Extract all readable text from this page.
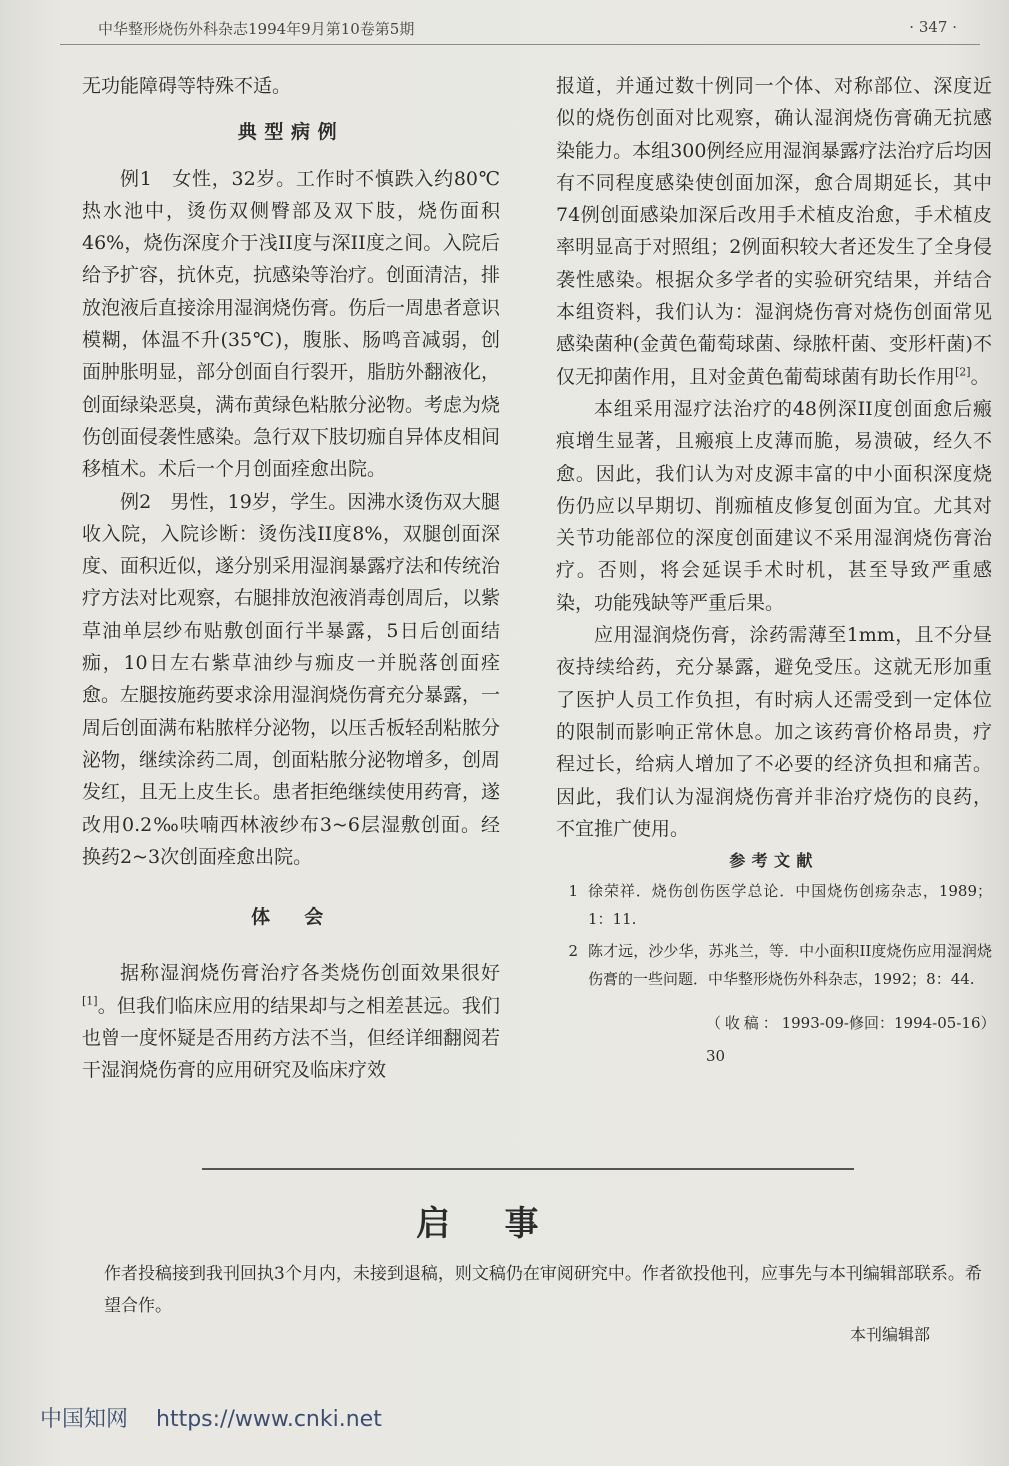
中华整形烧伤外科杂志1994年9月第10卷第5期	· 347 ·

无功能障碍等特殊不适。

典型病例

例1　女性，32岁。工作时不慎跌入约80℃热水池中，烫伤双侧臀部及双下肢，烧伤面积46%，烧伤深度介于浅II度与深II度之间。入院后给予扩容，抗休克，抗感染等治疗。创面清洁，排放泡液后直接涂用湿润烧伤膏。伤后一周患者意识模糊，体温不升(35℃)，腹胀、肠鸣音减弱，创面肿胀明显，部分创面自行裂开，脂肪外翻液化，创面绿染恶臭，满布黄绿色粘脓分泌物。考虑为烧伤创面侵袭性感染。急行双下肢切痂自异体皮相间移植术。术后一个月创面痊愈出院。

例2　男性，19岁，学生。因沸水烫伤双大腿收入院，入院诊断：烫伤浅II度8%，双腿创面深度、面积近似，遂分别采用湿润暴露疗法和传统治疗方法对比观察，右腿排放泡液消毒创周后，以紫草油单层纱布贴敷创面行半暴露，5日后创面结痂，10日左右紫草油纱与痂皮一并脱落创面痊愈。左腿按施药要求涂用湿润烧伤膏充分暴露，一周后创面满布粘脓样分泌物，以压舌板轻刮粘脓分泌物，继续涂药二周，创面粘脓分泌物增多，创周发红，且无上皮生长。患者拒绝继续使用药膏，遂改用0.2‰呋喃西林液纱布3~6层湿敷创面。经换药2~3次创面痊愈出院。

体　会

据称湿润烧伤膏治疗各类烧伤创面效果很好[1]。但我们临床应用的结果却与之相差甚远。我们也曾一度怀疑是否用药方法不当，但经详细翻阅若干湿润烧伤膏的应用研究及临床疗效

报道，并通过数十例同一个体、对称部位、深度近似的烧伤创面对比观察，确认湿润烧伤膏确无抗感染能力。本组300例经应用湿润暴露疗法治疗后均因有不同程度感染使创面加深，愈合周期延长，其中74例创面感染加深后改用手术植皮治愈，手术植皮率明显高于对照组；2例面积较大者还发生了全身侵袭性感染。根据众多学者的实验研究结果，并结合本组资料，我们认为：湿润烧伤膏对烧伤创面常见感染菌种(金黄色葡萄球菌、绿脓杆菌、变形杆菌)不仅无抑菌作用，且对金黄色葡萄球菌有助长作用[2]。

本组采用湿疗法治疗的48例深II度创面愈后瘢痕增生显著，且瘢痕上皮薄而脆，易溃破，经久不愈。因此，我们认为对皮源丰富的中小面积深度烧伤仍应以早期切、削痂植皮修复创面为宜。尤其对关节功能部位的深度创面建议不采用湿润烧伤膏治疗。否则，将会延误手术时机，甚至导致严重感染，功能残缺等严重后果。

应用湿润烧伤膏，涂药需薄至1mm，且不分昼夜持续给药，充分暴露，避免受压。这就无形加重了医护人员工作负担，有时病人还需受到一定体位的限制而影响正常休息。加之该药膏价格昂贵，疗程过长，给病人增加了不必要的经济负担和痛苦。因此，我们认为湿润烧伤膏并非治疗烧伤的良药，不宜推广使用。

参考文献

1 徐荣祥．烧伤创伤医学总论．中国烧伤创疡杂志，1989；1：11.
2 陈才远，沙少华，苏兆兰，等．中小面积II度烧伤应用湿润烧伤膏的一些问题．中华整形烧伤外科杂志，1992；8：44.
（收稿：1993-09-30
修回：1994-05-16）
启事
作者投稿接到我刊回执3个月内，未接到退稿，则文稿仍在审阅研究中。作者欲投他刊，应事先与本刊编辑部联系。希望合作。
本刊编辑部
中国知网 https://www.cnki.net
